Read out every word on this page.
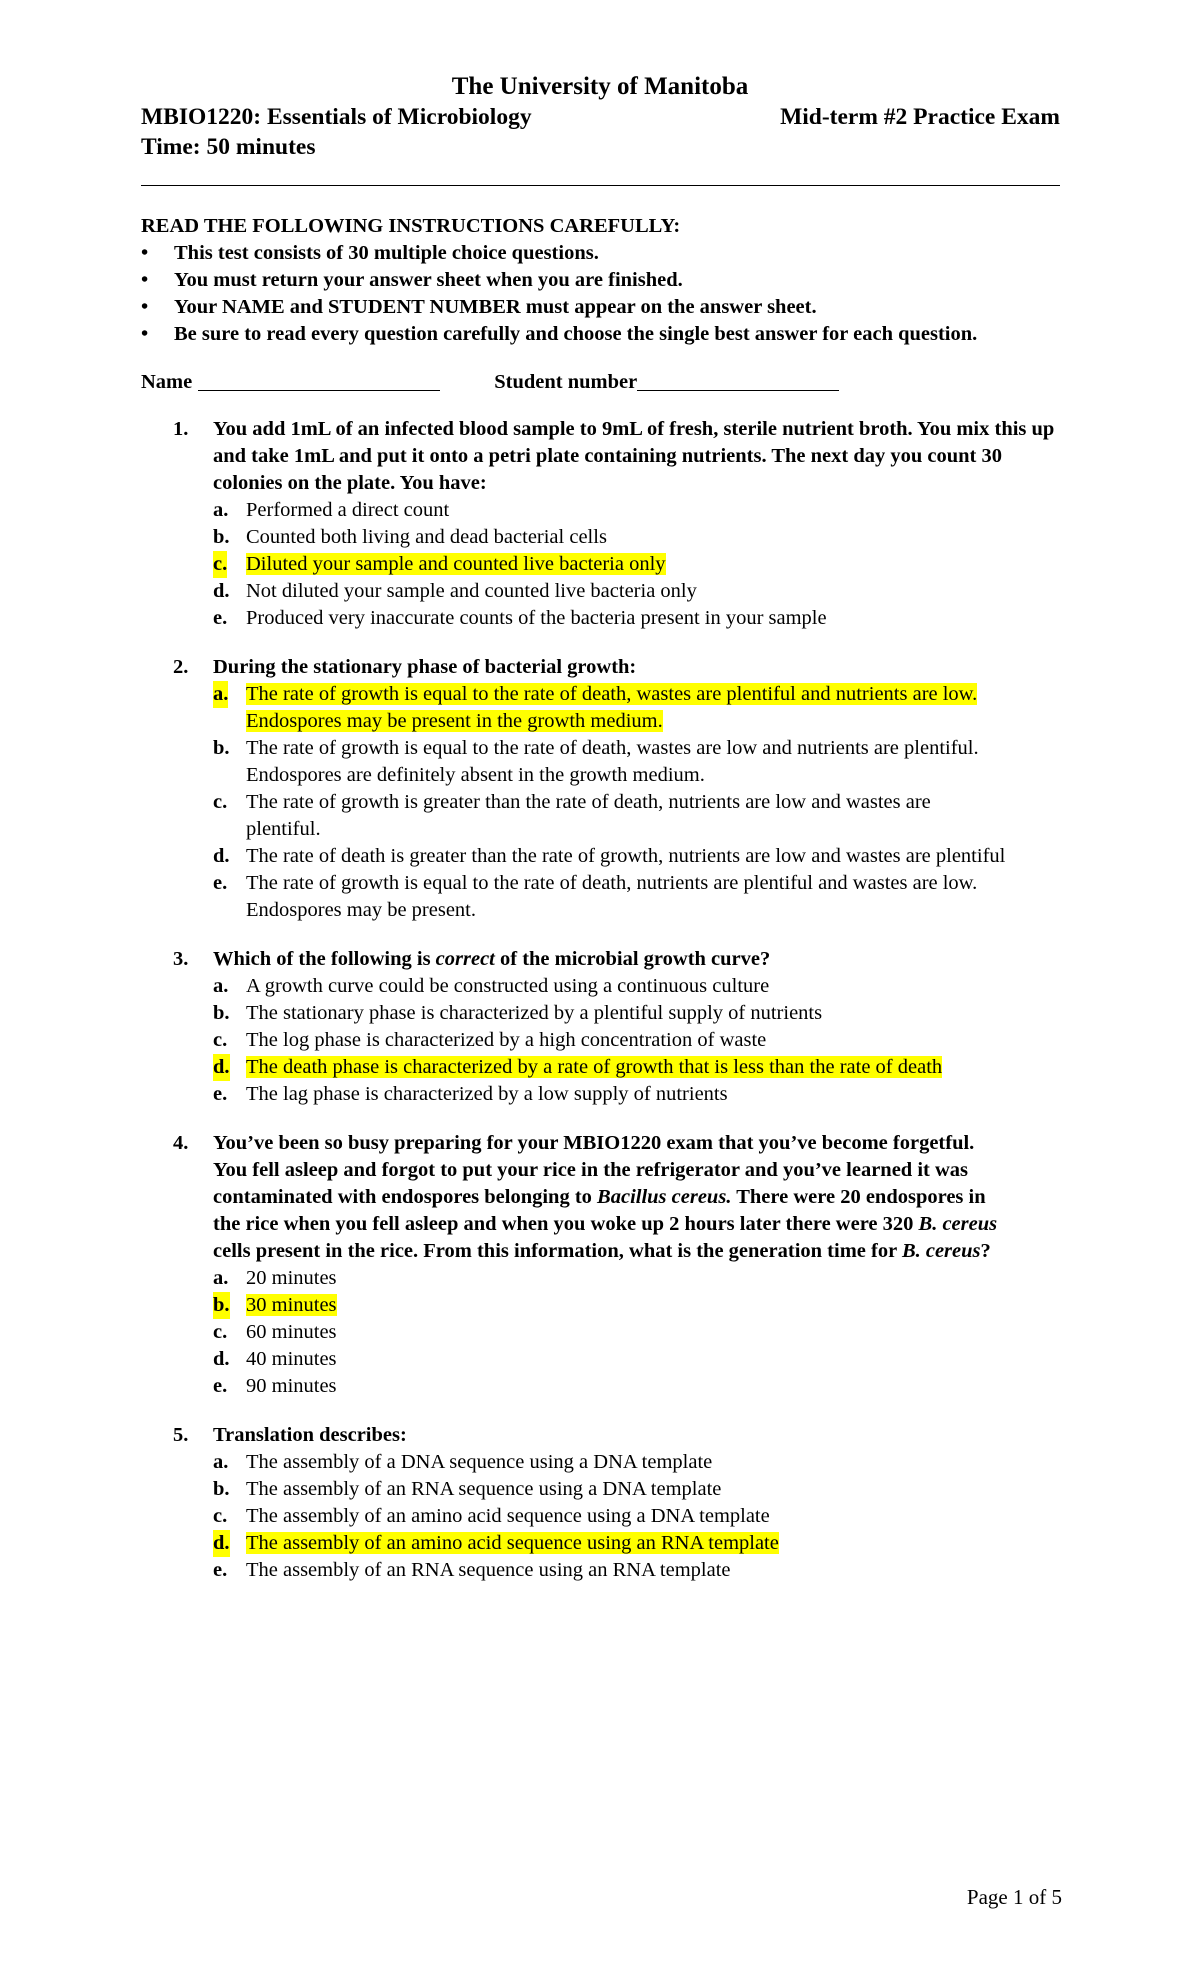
The University of Manitoba
MBIO1220: Essentials of Microbiology	Mid-term #2 Practice Exam
Time: 50 minutes
READ THE FOLLOWING INSTRUCTIONS CAREFULLY:
• This test consists of 30 multiple choice questions.
• You must return your answer sheet when you are finished.
• Your NAME and STUDENT NUMBER must appear on the answer sheet.
• Be sure to read every question carefully and choose the single best answer for each question.
Name	Student number
1. You add 1mL of an infected blood sample to 9mL of fresh, sterile nutrient broth. You mix this up and take 1mL and put it onto a petri plate containing nutrients. The next day you count 30 colonies on the plate. You have:
a. Performed a direct count
b. Counted both living and dead bacterial cells
c. Diluted your sample and counted live bacteria only
d. Not diluted your sample and counted live bacteria only
e. Produced very inaccurate counts of the bacteria present in your sample
2. During the stationary phase of bacterial growth:
a. The rate of growth is equal to the rate of death, wastes are plentiful and nutrients are low. Endospores may be present in the growth medium.
b. The rate of growth is equal to the rate of death, wastes are low and nutrients are plentiful. Endospores are definitely absent in the growth medium.
c. The rate of growth is greater than the rate of death, nutrients are low and wastes are plentiful.
d. The rate of death is greater than the rate of growth, nutrients are low and wastes are plentiful
e. The rate of growth is equal to the rate of death, nutrients are plentiful and wastes are low. Endospores may be present.
3. Which of the following is correct of the microbial growth curve?
a. A growth curve could be constructed using a continuous culture
b. The stationary phase is characterized by a plentiful supply of nutrients
c. The log phase is characterized by a high concentration of waste
d. The death phase is characterized by a rate of growth that is less than the rate of death
e. The lag phase is characterized by a low supply of nutrients
4. You’ve been so busy preparing for your MBIO1220 exam that you’ve become forgetful. You fell asleep and forgot to put your rice in the refrigerator and you’ve learned it was contaminated with endospores belonging to Bacillus cereus. There were 20 endospores in the rice when you fell asleep and when you woke up 2 hours later there were 320 B. cereus cells present in the rice. From this information, what is the generation time for B. cereus?
a. 20 minutes
b. 30 minutes
c. 60 minutes
d. 40 minutes
e. 90 minutes
5. Translation describes:
a. The assembly of a DNA sequence using a DNA template
b. The assembly of an RNA sequence using a DNA template
c. The assembly of an amino acid sequence using a DNA template
d. The assembly of an amino acid sequence using an RNA template
e. The assembly of an RNA sequence using an RNA template
Page 1 of 5
